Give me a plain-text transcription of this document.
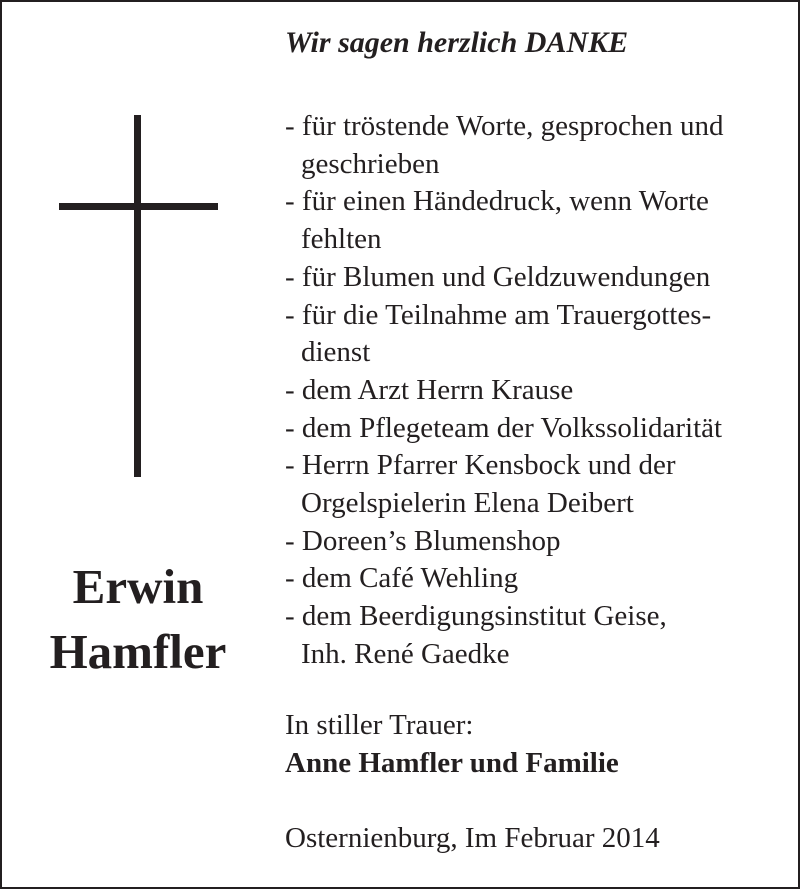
Erwin
Hamfler
Wir sagen herzlich DANKE
- für tröstende Worte, gesprochen und
geschrieben
- für einen Händedruck, wenn Worte
fehlten
- für Blumen und Geldzuwendungen
- für die Teilnahme am Trauergottes-
dienst
- dem Arzt Herrn Krause
- dem Pflegeteam der Volkssolidarität
- Herrn Pfarrer Kensbock und der
Orgelspielerin Elena Deibert
- Doreen’s Blumenshop
- dem Café Wehling
- dem Beerdigungsinstitut Geise,
Inh. René Gaedke
In stiller Trauer:
Anne Hamfler und Familie
Osternienburg, Im Februar 2014
